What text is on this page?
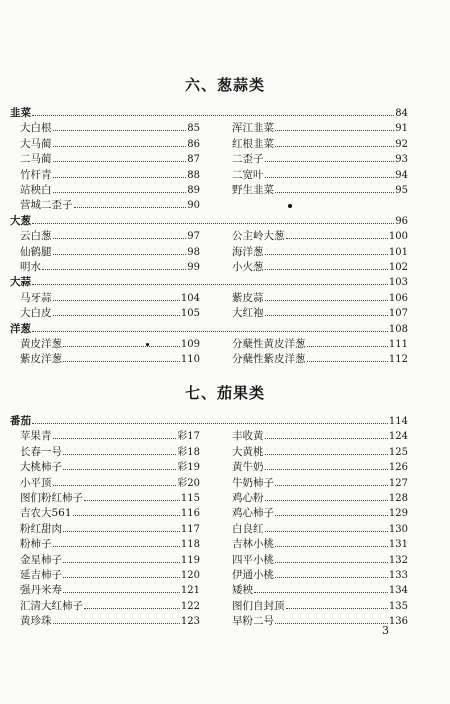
3
六、葱蒜类
韭菜	84
大白根	85	浑江韭菜	91
大马蔺	86	红根韭菜	92
二马蔺	87	二歪子	93
竹杆青	88	二宽叶	94
站秧白	89	野生韭菜	95
营城二歪子	90
大葱	96
云白葱	97	公主岭大葱	100
仙鹤腿	98	海洋葱	101
明水	99	小火葱	102
大蒜	103
马牙蒜	104	紫皮蒜	106
大白皮	105	大红袍	107
洋葱	108
黄皮洋葱	109	分蘖性黄皮洋葱	111
紫皮洋葱	110	分蘖性紫皮洋葱	112
七、茄果类
番茄	114
苹果青	彩17	丰收黄	124
长春一号	彩18	大黄桃	125
大桃柿子	彩19	黄牛奶	126
小平顶	彩20	牛奶柿子	127
图们粉红柿子	115	鸡心粉	128
吉农大561	116	鸡心柿子	129
粉红甜肉	117	白良红	130
粉柿子	118	吉林小桃	131
金星柿子	119	四平小桃	132
延吉柿子	120	伊通小桃	133
强丹米寿	121	矮秧	134
汇清大红柿子	122	图们自封顶	135
黄珍珠	123	早粉二号	136
